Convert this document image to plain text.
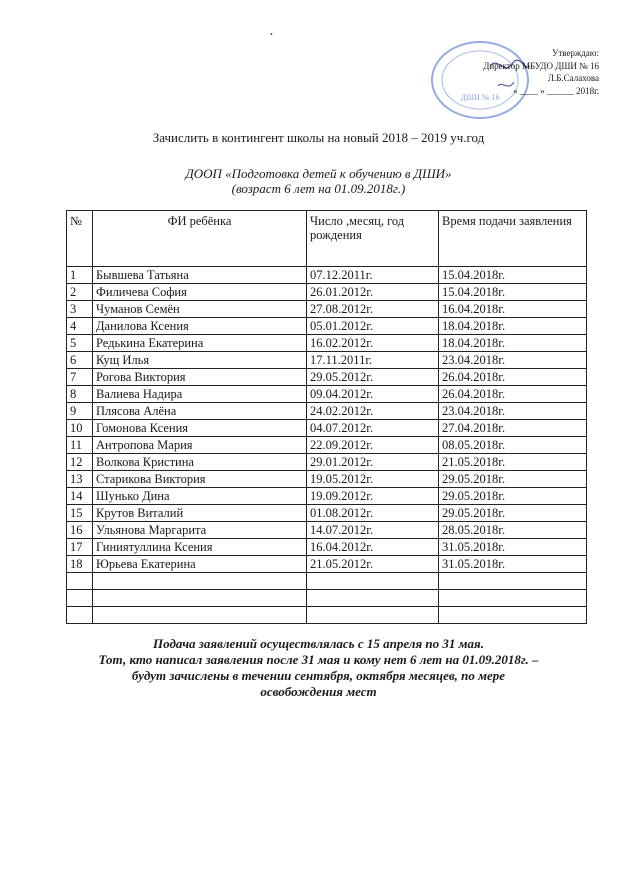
•
ДШИ № 16
Утверждаю:
Директор МБУДО ДШИ № 16
Л.Б.Салахова
« ____ » ______ 2018г.
Зачислить в контингент школы на новый 2018 – 2019 уч.год
ДООП «Подготовка детей к обучению в ДШИ»
(возраст 6 лет на 01.09.2018г.)
№	ФИ ребёнка	Число ,месяц, год рождения	Время подачи заявления
1	Бывшева Татьяна	07.12.2011г.	15.04.2018г.
2	Филичева София	26.01.2012г.	15.04.2018г.
3	Чуманов Семён	27.08.2012г.	16.04.2018г.
4	Данилова Ксения	05.01.2012г.	18.04.2018г.
5	Редькина Екатерина	16.02.2012г.	18.04.2018г.
6	Кущ Илья	17.11.2011г.	23.04.2018г.
7	Рогова Виктория	29.05.2012г.	26.04.2018г.
8	Валиева Надира	09.04.2012г.	26.04.2018г.
9	Плясова Алёна	24.02.2012г.	23.04.2018г.
10	Гомонова Ксения	04.07.2012г.	27.04.2018г.
11	Антропова Мария	22.09.2012г.	08.05.2018г.
12	Волкова Кристина	29.01.2012г.	21.05.2018г.
13	Старикова Виктория	19.05.2012г.	29.05.2018г.
14	Шунько Дина	19.09.2012г.	29.05.2018г.
15	Крутов Виталий	01.08.2012г.	29.05.2018г.
16	Ульянова Маргарита	14.07.2012г.	28.05.2018г.
17	Гиниятуллина Ксения	16.04.2012г.	31.05.2018г.
18	Юрьева Екатерина	21.05.2012г.	31.05.2018г.

Подача заявлений осуществлялась с 15 апреля по 31 мая.
Тот, кто написал заявления после 31 мая и кому нет 6 лет на 01.09.2018г. –
будут зачислены в течении сентября, октября месяцев, по мере
освобождения мест
